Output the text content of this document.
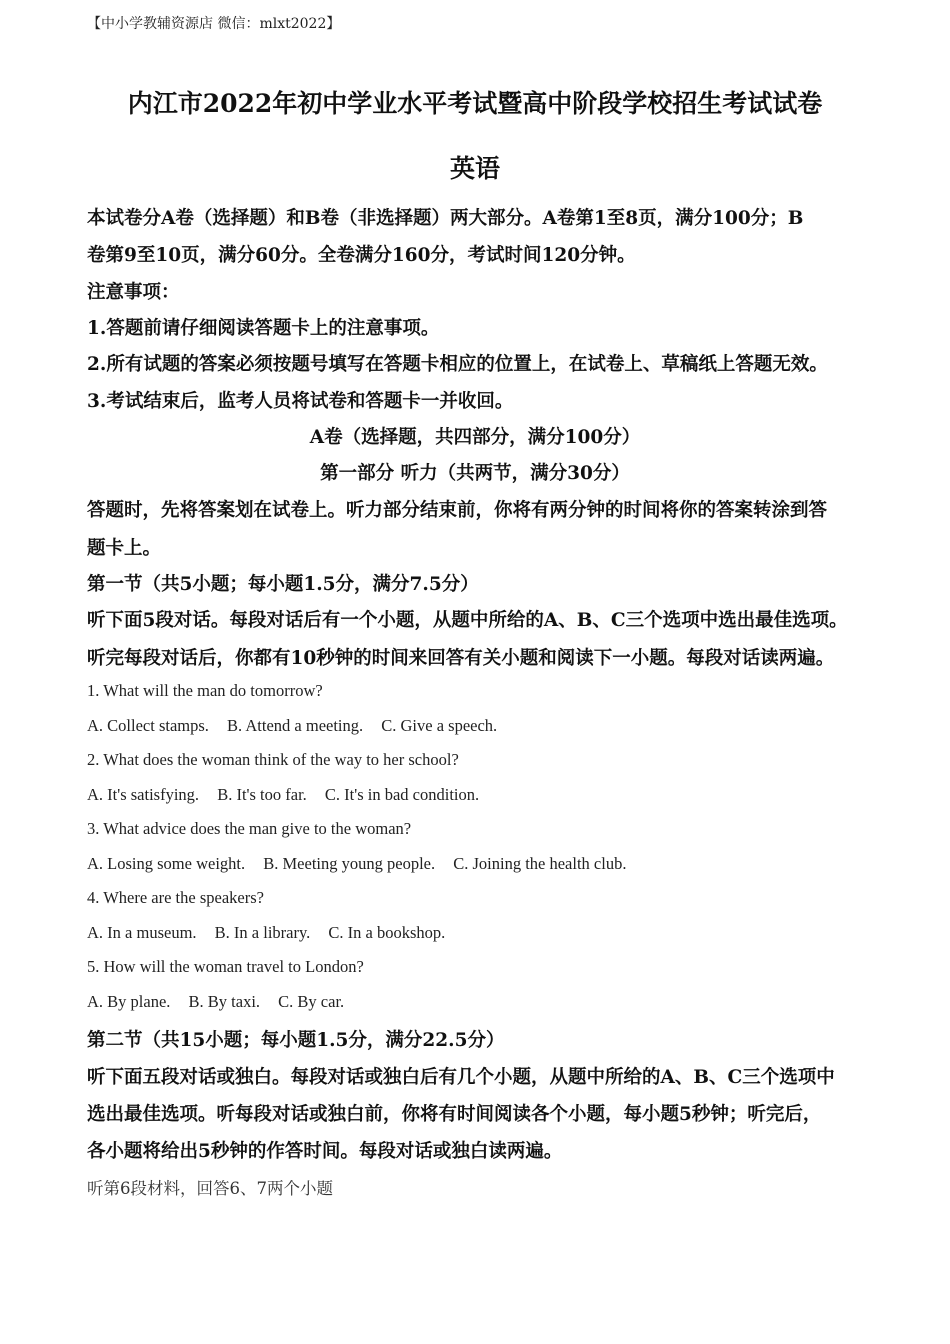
【中小学教辅资源店 微信：mlxt2022】
内江市2022年初中学业水平考试暨高中阶段学校招生考试试卷
英语
本试卷分A卷（选择题）和B卷（非选择题）两大部分。A卷第1至8页，满分100分；B
卷第9至10页，满分60分。全卷满分160分，考试时间120分钟。
注意事项：
1.答题前请仔细阅读答题卡上的注意事项。
2.所有试题的答案必须按题号填写在答题卡相应的位置上，在试卷上、草稿纸上答题无效。
3.考试结束后，监考人员将试卷和答题卡一并收回。
A卷（选择题，共四部分，满分100分）
第一部分 听力（共两节，满分30分）
答题时，先将答案划在试卷上。听力部分结束前，你将有两分钟的时间将你的答案转涂到答
题卡上。
第一节（共5小题；每小题1.5分，满分7.5分）
听下面5段对话。每段对话后有一个小题，从题中所给的A、B、C三个选项中选出最佳选项。
听完每段对话后，你都有10秒钟的时间来回答有关小题和阅读下一小题。每段对话读两遍。
1. What will the man do tomorrow?
A. Collect stamps. B. Attend a meeting. C. Give a speech.
2. What does the woman think of the way to her school?
A. It's satisfying. B. It's too far. C. It's in bad condition.
3. What advice does the man give to the woman?
A. Losing some weight. B. Meeting young people. C. Joining the health club.
4. Where are the speakers?
A. In a museum. B. In a library. C. In a bookshop.
5. How will the woman travel to London?
A. By plane. B. By taxi. C. By car.
第二节（共15小题；每小题1.5分，满分22.5分）
听下面五段对话或独白。每段对话或独白后有几个小题，从题中所给的A、B、C三个选项中
选出最佳选项。听每段对话或独白前，你将有时间阅读各个小题，每小题5秒钟；听完后，
各小题将给出5秒钟的作答时间。每段对话或独白读两遍。
听第6段材料，回答6、7两个小题
